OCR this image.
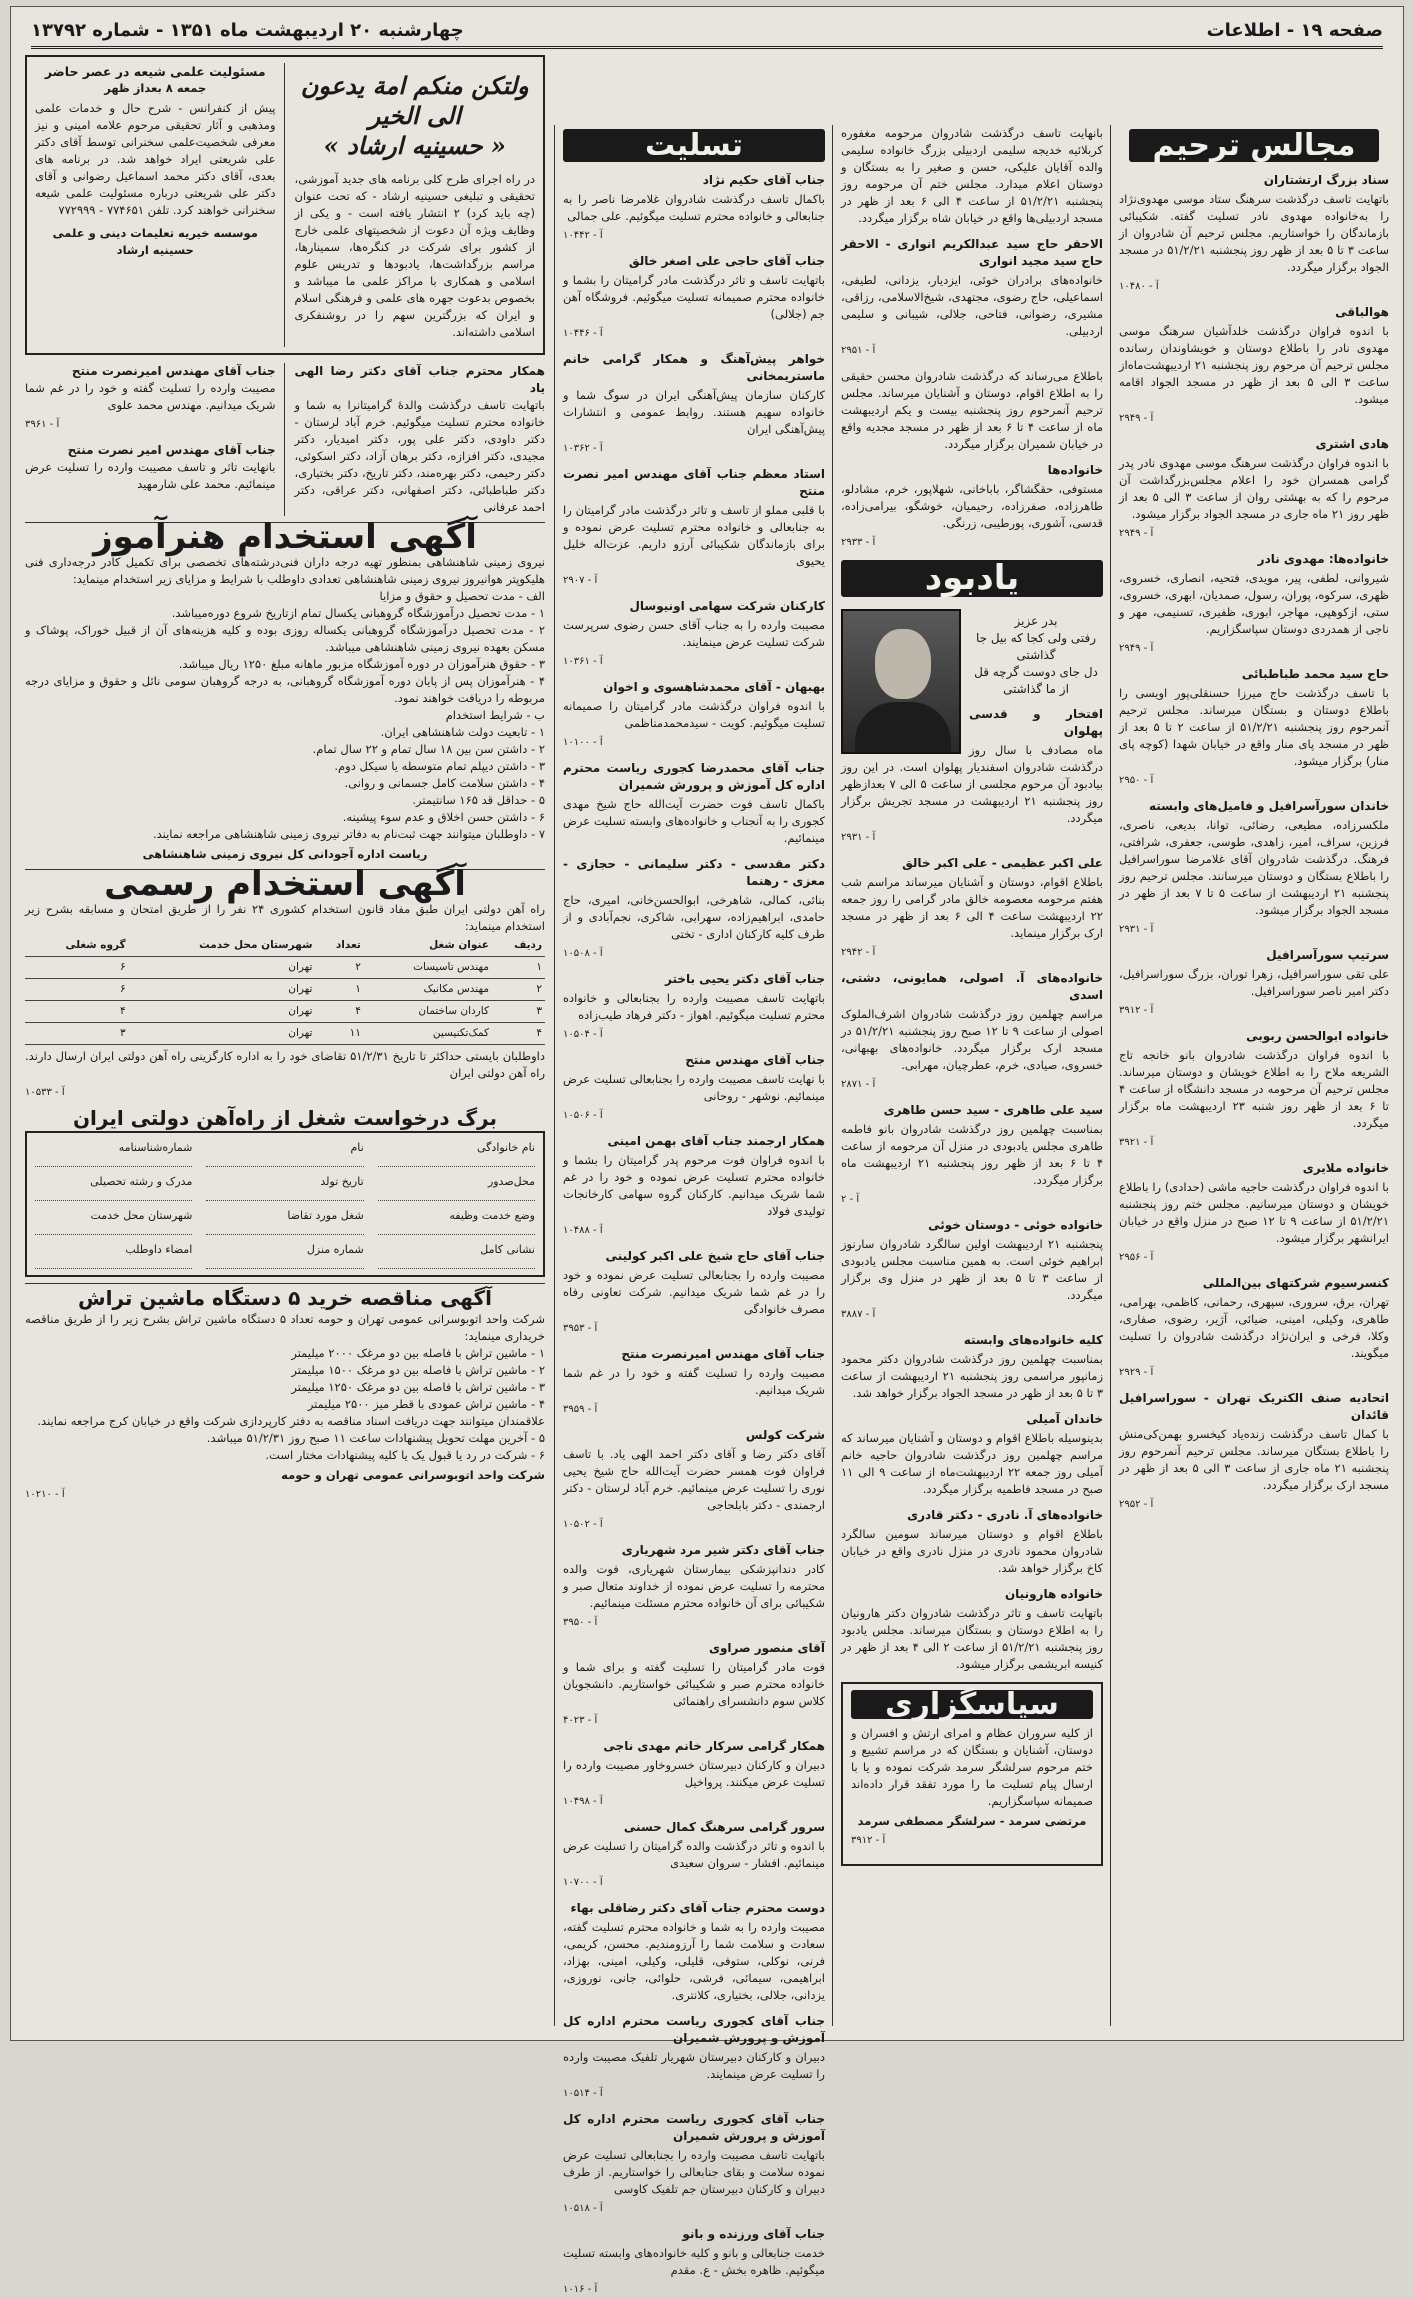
صفحه ۱۹ - اطلاعات
چهارشنبه ۲۰ اردیبهشت ماه ۱۳۵۱ - شماره ۱۳۷۹۲
مجالس ترحیم
سناد بزرگ ارتشتاران
باتهایت تاسف درگذشت سرهنگ ستاد موسی مهدوی‌نژاد را به‌خانواده مهدوی نادر تسلیت گفته. شکیبائی بازماندگان را خواستاریم. مجلس ترحیم آن شادروان از ساعت ۳ تا ۵ بعد از ظهر روز پنجشنبه ۵۱/۲/۲۱ در مسجد الجواد برگزار میگردد.
آ - ۱۰۴۸۰
هوالباقی
با اندوه فراوان درگذشت خلدآشیان سرهنگ موسی مهدوی نادر را باطلاع دوستان و خویشاوندان رسانده مجلس ترحیم آن مرحوم روز پنجشنبه ۲۱ اردیبهشت‌ماه‌از ساعت ۳ الی ۵ بعد از ظهر در مسجد الجواد اقامه میشود.
آ - ۲۹۴۹
هادی اشتری
با اندوه فراوان درگذشت سرهنگ موسی مهدوی نادر پدر گرامی همسران خود را اعلام مجلس‌بزرگداشت آن مرحوم را که به بهشتی روان از ساعت ۳ الی ۵ بعد از ظهر روز ۲۱ ماه جاری در مسجد الجواد برگزار میشود.
آ - ۲۹۴۹
خانواده‌ها: مهدوی نادر
شیروانی، لطفی، پیر، مویدی، فتحیه، انصاری، خسروی، ظهری، سرکوه، پوران، رسول، صمدیان، ابهری، خسروی، ستی، ازکوهپی، مهاجر، ابوری، ظفیری، تسنیمی، مهر و ناجی از همدردی دوستان سپاسگزاریم.
آ - ۲۹۴۹
حاج سید محمد طباطبائی
با تاسف درگذشت حاج میرزا حسنقلی‌پور اویسی را باطلاع دوستان و بستگان میرساند. مجلس ترحیم آنمرحوم روز پنجشنبه ۵۱/۲/۲۱ از ساعت ۲ تا ۵ بعد از ظهر در مسجد پای منار واقع در خیابان شهدا (کوچه پای منار) برگزار میشود.
آ - ۲۹۵۰
خاندان سورآسرافیل و فامیل‌های وابسته
ملکسرزاده، مطیعی، رضائی، توانا، بدیعی، ناصری، فرزین، سراف، امیر، زاهدی، طوسی، جعفری، شرافتی، فرهنگ. درگذشت شادروان آقای غلامرضا سوراسرافیل را باطلاع بستگان و دوستان میرسانند. مجلس ترحیم روز پنجشنبه ۲۱ اردیبهشت از ساعت ۵ تا ۷ بعد از ظهر در مسجد الجواد برگزار میشود.
آ - ۲۹۳۱
سرتیپ سورآسرافیل
علی تقی سوراسرافیل، زهرا توران، بزرگ سوراسرافیل، دکتر امیر ناصر سوراسرافیل.
آ - ۳۹۱۲
خانواده ابوالحسن ربوبی
با اندوه فراوان درگذشت شادروان بانو خانجه تاج الشریعه ملاح را به اطلاع خویشان و دوستان میرساند. مجلس ترحیم آن مرحومه در مسجد دانشگاه از ساعت ۴ تا ۶ بعد از ظهر روز شنبه ۲۳ اردیبهشت ماه برگزار میگردد.
آ - ۳۹۲۱
خانواده ملایری
با اندوه فراوان درگذشت حاجیه ماشی (حدادی) را باطلاع خویشان و دوستان میرسانیم. مجلس ختم روز پنجشنبه ۵۱/۲/۲۱ از ساعت ۹ تا ۱۲ صبح در منزل واقع در خیابان ایرانشهر برگزار میشود.
آ - ۲۹۵۶
کنسرسیوم شرکتهای بین‌المللی
تهران، برق، سروری، سپهری، رحمانی، کاظمی، بهرامی، طاهری، وکیلی، امینی، ضیائی، آژیر، رضوی، صفاری، وکلا، فرخی و ایران‌نژاد درگذشت شادروان را تسلیت میگویند.
آ - ۲۹۲۹
اتحادیه صنف الکتریک تهران - سوراسرافیل قائدان
با کمال تاسف درگذشت زنده‌یاد کیخسرو بهمن‌کی‌منش را باطلاع بستگان میرساند. مجلس ترحیم آنمرحوم روز پنجشنبه ۲۱ ماه جاری از ساعت ۳ الی ۵ بعد از ظهر در مسجد ارک برگزار میگردد.
آ - ۲۹۵۲
بانهایت تاسف درگذشت شادروان مرحومه مغفوره کربلائیه خدیجه سلیمی اردبیلی بزرگ خانواده سلیمی والده آقایان علیکی، حسن و صغیر را به بستگان و دوستان اعلام میدارد. مجلس ختم آن مرحومه روز پنجشنبه ۵۱/۲/۲۱ از ساعت ۴ الی ۶ بعد از ظهر در مسجد اردبیلی‌ها واقع در خیابان شاه برگزار میگردد.
الاحقر حاج سید عبدالکریم انواری - الاحقر حاج سید مجید انواری
خانواده‌های برادران خوئی، ایزدیار، یزدانی، لطیفی، اسماعیلی، حاج رضوی، مجتهدی، شیخ‌الاسلامی، رزاقی، مشیری، رضوانی، فتاحی، جلالی، شیبانی و سلیمی اردبیلی.
آ - ۲۹۵۱
باطلاع می‌رساند که درگذشت شادروان محسن حقیقی را به اطلاع اقوام، دوستان و آشنایان میرساند. مجلس ترحیم آنمرحوم روز پنجشنبه بیست و یکم اردیبهشت ماه از ساعت ۴ تا ۶ بعد از ظهر در مسجد مجدیه واقع در خیابان شمیران برگزار میگردد.
خانواده‌ها
مستوفی، حقگشاگر، باباخانی، شهلاپور، خرم، مشادلو، طاهرزاده، صفرزاده، رحیمیان، خوشگو، بیرامی‌زاده، قدسی، آشوری، پورطیبی، زرنگی.
آ - ۲۹۳۳
یادبود
بدر عزیز
رفتی ولی کجا که بیل جا گذاشتی
دل جای دوست گرچه قل از ما گذاشتی
افتخار و قدسی پهلوان
ماه مصادف با سال روز درگذشت شادروان اسفندیار پهلوان است. در این روز بیادبود آن مرحوم مجلسی از ساعت ۵ الی ۷ بعدازظهر روز پنجشنبه ۲۱ اردیبهشت در مسجد تجریش برگزار میگردد.
آ - ۲۹۳۱
علی اکبر عظیمی - علی اکبر خالق
باطلاع اقوام، دوستان و آشنایان میرساند مراسم شب هفتم مرحومه معصومه خالق مادر گرامی را روز جمعه ۲۲ اردیبهشت ساعت ۴ الی ۶ بعد از ظهر در مسجد ارک برگزار مینماید.
آ - ۲۹۴۲
خانواده‌های آ. اصولی، همایونی، دشتی، اسدی
مراسم چهلمین روز درگذشت شادروان اشرف‌الملوک اصولی از ساعت ۹ تا ۱۲ صبح روز پنجشنبه ۵۱/۲/۲۱ در مسجد ارک برگزار میگردد. خانواده‌های بهبهانی، خسروی، صیادی، خرم، عطرچیان، مهرابی.
آ - ۲۸۷۱
سید علی طاهری - سید حسن طاهری
بمناسبت چهلمین روز درگذشت شادروان بانو فاطمه طاهری مجلس یادبودی در منزل آن مرحومه از ساعت ۴ تا ۶ بعد از ظهر روز پنجشنبه ۲۱ اردیبهشت ماه برگزار میگردد.
آ - ۲
خانواده خوئی - دوستان خوئی
پنجشنبه ۲۱ اردیبهشت اولین سالگرد شادروان سارنوز ابراهیم خوئی است. به همین مناسبت مجلس یادبودی از ساعت ۳ تا ۵ بعد از ظهر در منزل وی برگزار میگردد.
آ - ۳۸۸۷
کلیه خانواده‌های وابسته
بمناسبت چهلمین روز درگذشت شادروان دکتر محمود زمانپور مراسمی روز پنجشنبه ۲۱ اردیبهشت از ساعت ۳ تا ۵ بعد از ظهر در مسجد الجواد برگزار خواهد شد.
خاندان آمیلی
بدینوسیله باطلاع اقوام و دوستان و آشنایان میرساند که مراسم چهلمین روز درگذشت شادروان حاجیه خانم آمیلی روز جمعه ۲۲ اردیبهشت‌ماه از ساعت ۹ الی ۱۱ صبح در مسجد فاطمیه برگزار میگردد.
خانواده‌های آ. نادری - دکتر قادری
باطلاع اقوام و دوستان میرساند سومین سالگرد شادروان محمود نادری در منزل نادری واقع در خیابان کاخ برگزار خواهد شد.
خانواده هارونیان
باتهایت تاسف و تاثر درگذشت شادروان دکتر هارونیان را به اطلاع دوستان و بستگان میرساند. مجلس یادبود روز پنجشنبه ۵۱/۲/۲۱ از ساعت ۲ الی ۴ بعد از ظهر در کنیسه ابریشمی برگزار میشود.
سپاسگزاری
از کلیه سروران عظام و امرای ارتش و افسران و دوستان، آشنایان و بستگان که در مراسم تشییع و ختم مرحوم سرلشگر سرمد شرکت نموده و یا با ارسال پیام تسلیت ما را مورد تفقد قرار داده‌اند صمیمانه سپاسگزاریم.
مرتضی سرمد - سرلشگر مصطفی سرمد
آ - ۳۹۱۲
تسلیت
جناب آقای حکیم نژاد
باکمال تاسف درگذشت شادروان غلامرضا ناصر را به جنابعالی و خانواده محترم تسلیت میگوئیم. علی جمالی
آ - ۱۰۴۴۲
جناب آقای حاجی علی اصغر خالق
باتهایت تاسف و تاثر درگذشت مادر گرامیتان را بشما و خانواده محترم صمیمانه تسلیت میگوئیم. فروشگاه آهن جم (جلالی)
آ - ۱۰۴۴۶
خواهر پیش‌آهنگ و همکار گرامی خانم ماستریمخانی
کارکنان سازمان پیش‌آهنگی ایران در سوگ شما و خانواده سهیم هستند. روابط عمومی و انتشارات پیش‌آهنگی ایران
آ - ۱۰۳۶۲
استاد معظم جناب آقای مهندس امیر نصرت منتح
با قلبی مملو از تاسف و تاثر درگذشت مادر گرامیتان را به جنابعالی و خانواده محترم تسلیت عرض نموده و برای بازماندگان شکیبائی آرزو داریم. عزت‌اله خلیل یحیوی
آ - ۲۹۰۷
کارکنان شرکت سهامی اونیوسال
مصیبت وارده را به جناب آقای حسن رضوی سرپرست شرکت تسلیت عرض مینمایند.
آ - ۱۰۳۶۱
بهبهان - آقای محمدشاهسوی و اخوان
با اندوه فراوان درگذشت مادر گرامیتان را صمیمانه تسلیت میگوئیم. کویت - سیدمحمدمناظمی
آ - ۱۰۱۰۰
جناب آقای محمدرضا کجوری ریاست محترم اداره کل آموزش و پرورش شمیران
باکمال تاسف فوت حضرت آیت‌الله حاج شیخ مهدی کجوری را به آنجناب و خانواده‌های وابسته تسلیت عرض مینمائیم.
دکتر مقدسی - دکتر سلیمانی - حجازی - معزی - رهنما
بنائی، کمالی، شاهرخی، ابوالحسن‌خانی، امیری، حاج حامدی، ابراهیم‌زاده، سهرابی، شاکری، نجم‌آبادی و از طرف کلیه کارکنان اداری - تختی
آ - ۱۰۵۰۸
جناب آقای دکتر یحیی باختر
باتهایت تاسف مصیبت وارده را بجنابعالی و خانواده محترم تسلیت میگوئیم. اهواز - دکتر فرهاد طیب‌زاده
آ - ۱۰۵۰۴
جناب آقای مهندس منتح
با نهایت تاسف مصیبت وارده را بجنابعالی تسلیت عرض مینمائیم. نوشهر - روحانی
آ - ۱۰۵۰۶
همکار ارجمند جناب آقای بهمن امینی
با اندوه فراوان فوت مرحوم پدر گرامیتان را بشما و خانواده محترم تسلیت عرض نموده و خود را در غم شما شریک میدانیم. کارکنان گروه سهامی کارخانجات تولیدی فولاد
آ - ۱۰۴۸۸
جناب آقای حاج شیخ علی اکبر کولینی
مصیبت وارده را بجنابعالی تسلیت عرض نموده و خود را در غم شما شریک میدانیم. شرکت تعاونی رفاه مصرف خانوادگی
آ - ۳۹۵۳
جناب آقای مهندس امیرنصرت منتح
مصیبت وارده را تسلیت گفته و خود را در غم شما شریک میدانیم.
آ - ۳۹۵۹
شرکت کولس
آقای دکتر رضا و آقای دکتر احمد الهی یاد. با تاسف فراوان فوت همسر حضرت آیت‌الله حاج شیخ یحیی نوری را تسلیت عرض مینمائیم. خرم آباد لرستان - دکتر ارجمندی - دکتر بابلحاجی
آ - ۱۰۵۰۲
جناب آقای دکتر شیر مرد شهریاری
کادر دندانپزشکی بیمارستان شهریاری، فوت والده محترمه را تسلیت عرض نموده از خداوند متعال صبر و شکیبائی برای آن خانواده محترم مسئلت مینمائیم.
آ - ۳۹۵۰
آقای منصور صراوی
فوت مادر گرامیتان را تسلیت گفته و برای شما و خانواده محترم صبر و شکیبائی خواستاریم. دانشجویان کلاس سوم دانشسرای راهنمائی
آ - ۴۰۲۳
همکار گرامی سرکار خانم مهدی ناجی
دبیران و کارکنان دبیرستان خسروخاور مصیبت وارده را تسلیت عرض میکنند. پرواخیل
آ - ۱۰۴۹۸
سرور گرامی سرهنگ کمال حسنی
با اندوه و تاثر درگذشت والده گرامیتان را تسلیت عرض مینمائیم. افشار - سروان سعیدی
آ - ۱۰۷۰۰
دوست محترم جناب آقای دکتر رضاقلی بهاء
مصیبت وارده را به شما و خانواده محترم تسلیت گفته، سعادت و سلامت شما را آرزومندیم. محسن، کریمی، فرنی، نوکلی، ستوفی، قلیلی، وکیلی، امینی، بهزاد، ابراهیمی، سیمائی، فرشی، حلوائی، جانی، نوروزی، یزدانی، جلالی، بختیاری، کلانتری.
جناب آقای کجوری ریاست محترم اداره کل آموزش و پرورش شمیران
دبیران و کارکنان دبیرستان شهریار تلفیک مصیبت وارده را تسلیت عرض مینمایند.
آ - ۱۰۵۱۴
جناب آقای کجوری ریاست محترم اداره کل آموزش و پرورش شمیران
باتهایت تاسف مصیبت وارده را بجنابعالی تسلیت عرض نموده سلامت و بقای جنابعالی را خواستاریم. از طرف دبیران و کارکنان دبیرستان جم تلفیک کاوسی
آ - ۱۰۵۱۸
جناب آقای ورزنده و بانو
خدمت جنابعالی و بانو و کلیه خانواده‌های وابسته تسلیت میگوئیم. ظاهره بخش - ع. مقدم
آ - ۱۰۱۶
ولتکن منکم امة یدعون الی الخیر
« حسینیه ارشاد »
در راه اجرای طرح کلی برنامه های جدید آموزشی، تحقیقی و تبلیغی حسینیه ارشاد - که تحت عنوان (چه باید کرد) ۲ انتشار یافته است - و یکی از وظایف ویژه آن دعوت از شخصیتهای علمی خارج از کشور برای شرکت در کنگره‌ها، سمینارها، مراسم بزرگداشت‌ها، یادبودها و تدریس علوم اسلامی و همکاری با مراکز علمی ما میباشد و بخصوص بدعوت جهره های علمی و فرهنگی اسلام و ایران که بزرگترین سهم را در روشنفکری اسلامی داشته‌اند.
مسئولیت علمی شیعه در عصر حاضر
جمعه ۸ بعداز ظهر
پیش از کنفرانس - شرح حال و خدمات علمی ومذهبی و آثار تحقیقی مرحوم علامه امینی و نیز معرفی شخصیت‌علمی سخنرانی توسط آقای دکتر علی شریعتی ایراد خواهد شد. در برنامه های بعدی، آقای دکتر محمد اسماعیل رضوانی و آقای دکتر علی شریعتی درباره مسئولیت علمی شیعه سخنرانی خواهند کرد. تلفن ۷۷۴۶۵۱ - ۷۷۲۹۹۹
موسسه خیریه تعلیمات دینی و علمی حسینیه ارشاد
همکار محترم جناب آقای دکتر رضا الهی یاد
باتهایت تاسف درگذشت والدۀ گرامیتانرا به شما و خانواده محترم تسلیت میگوئیم. خرم آباد لرستان - دکتر داودی، دکتر علی پور، دکتر امیدیار، دکتر مجیدی، دکتر افزازه، دکتر برهان آزاد، دکتر اسکوئی، دکتر رحیمی، دکتر بهره‌مند، دکتر تاریخ، دکتر بختیاری، دکتر طباطبائی، دکتر اصفهانی، دکتر عراقی، دکتر احمد عرفانی
جناب آقای مهندس امیرنصرت منتح
مصیبت وارده را تسلیت گفته و خود را در غم شما شریک میدانیم. مهندس محمد علوی
آ - ۳۹۶۱
جناب آقای مهندس امیر نصرت منتح
بانهایت تاثر و تاسف مصیبت وارده را تسلیت عرض مینمائیم. محمد علی شارمهید
آگهی استخدام هنرآموز
نیروی زمینی شاهنشاهی بمنظور تهیه درجه داران فنی‌درشته‌های تخصصی برای تکمیل کادر درجه‌داری فنی هلیکوپتر هوانیروز نیروی زمینی شاهنشاهی تعدادی داوطلب با شرایط و مزایای زیر استخدام مینماید:
الف - مدت تحصیل و حقوق و مزایا
۱ - مدت تحصیل درآموزشگاه گروهبانی یکسال تمام ازتاریخ شروع دوره‌میباشد.
۲ - مدت تحصیل درآموزشگاه گروهبانی یکساله روزی بوده و کلیه هزینه‌های آن از قبیل خوراک، پوشاک و مسکن بعهده نیروی زمینی شاهنشاهی میباشد.
۳ - حقوق هنرآموزان در دوره آموزشگاه مزبور ماهانه مبلغ ۱۲۵۰ ریال میباشد.
۴ - هنرآموزان پس از پایان دوره آموزشگاه گروهبانی، به درجه گروهبان سومی نائل و حقوق و مزایای درجه مربوطه را دریافت خواهند نمود.
ب - شرایط استخدام
۱ - تابعیت دولت شاهنشاهی ایران.
۲ - داشتن سن بین ۱۸ سال تمام و ۲۲ سال تمام.
۳ - داشتن دیپلم تمام متوسطه یا سیکل دوم.
۴ - داشتن سلامت کامل جسمانی و روانی.
۵ - حداقل قد ۱۶۵ سانتیمتر.
۶ - داشتن حسن اخلاق و عدم سوء پیشینه.
۷ - داوطلبان میتوانند جهت ثبت‌نام به دفاتر نیروی زمینی شاهنشاهی مراجعه نمایند.
ریاست اداره آجودانی کل نیروی زمینی شاهنشاهی
آگهی استخدام رسمی
راه آهن دولتی ایران طبق مفاد قانون استخدام کشوری ۲۴ نفر را از طریق امتحان و مسابقه بشرح زیر استخدام مینماید:
ردیف	عنوان شغل	تعداد	شهرستان محل خدمت	گروه شغلی
۱	مهندس تاسیسات	۲	تهران	۶
۲	مهندس مکانیک	۱	تهران	۶
۳	کاردان ساختمان	۴	تهران	۴
۴	کمک‌تکنیسین	۱۱	تهران	۳
داوطلبان بایستی حداکثر تا تاریخ ۵۱/۲/۳۱ تقاضای خود را به اداره کارگزینی راه آهن دولتی ایران ارسال دارند. راه آهن دولتی ایران
آ - ۱۰۵۳۳
برگ درخواست شغل از راه‌آهن دولتی ایران
نام خانوادگی
نام
شماره‌شناسنامه
محل‌صدور
تاریخ تولد
مدرک و رشته تحصیلی
وضع خدمت وظیفه
شغل مورد تقاضا
شهرستان محل خدمت
نشانی کامل
شماره منزل
امضاء داوطلب
آگهی مناقصه خرید ۵ دستگاه ماشین تراش
شرکت واحد اتوبوسرانی عمومی تهران و حومه تعداد ۵ دستگاه ماشین تراش بشرح زیر را از طریق مناقصه خریداری مینماید:
۱ - ماشین تراش با فاصله بین دو مرغک ۲۰۰۰ میلیمتر
۲ - ماشین تراش با فاصله بین دو مرغک ۱۵۰۰ میلیمتر
۳ - ماشین تراش با فاصله بین دو مرغک ۱۲۵۰ میلیمتر
۴ - ماشین تراش عمودی با قطر میز ۲۵۰۰ میلیمتر
علاقمندان میتوانند جهت دریافت اسناد مناقصه به دفتر کارپردازی شرکت واقع در خیابان کرج مراجعه نمایند.
۵ - آخرین مهلت تحویل پیشنهادات ساعت ۱۱ صبح روز ۵۱/۲/۳۱ میباشد.
۶ - شرکت در رد یا قبول یک یا کلیه پیشنهادات مختار است.
شرکت واحد اتوبوسرانی عمومی تهران و حومه
آ - ۱۰۲۱۰
